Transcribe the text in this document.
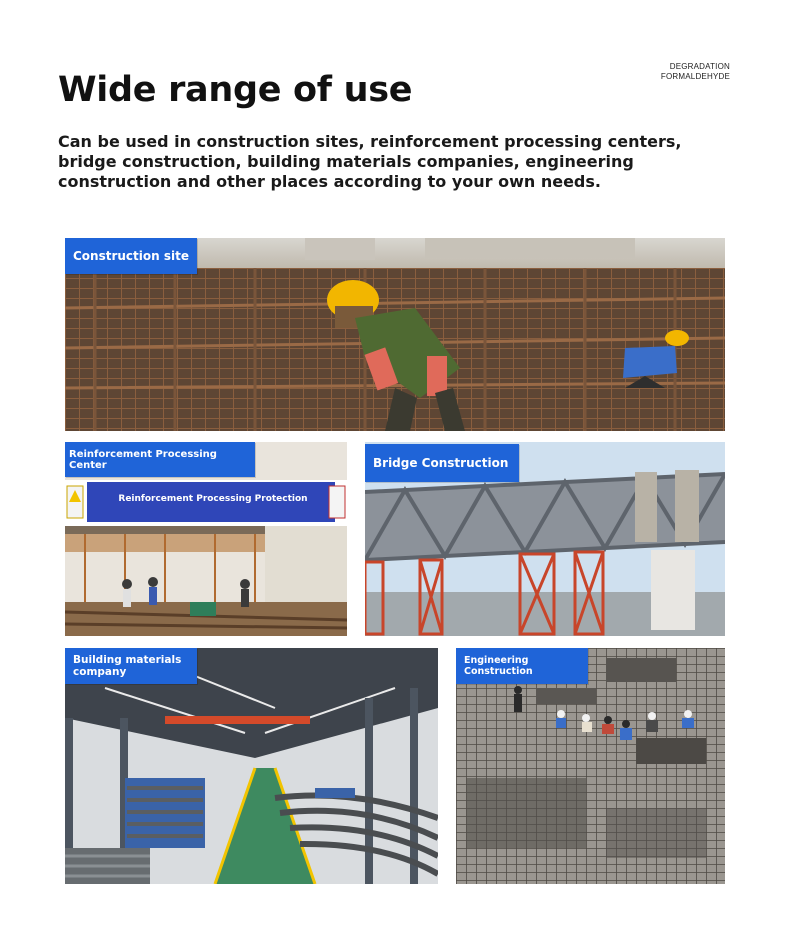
DEGRADATION
FORMALDEHYDE
Wide range of use

Can be used in construction sites, reinforcement processing centers, bridge construction, building materials companies, engineering construction and other places according to your own needs.

Construction site
Reinforcement Processing Protection
Reinforcement Processing Center	Bridge Construction
Building materials company
Engineering Construction
